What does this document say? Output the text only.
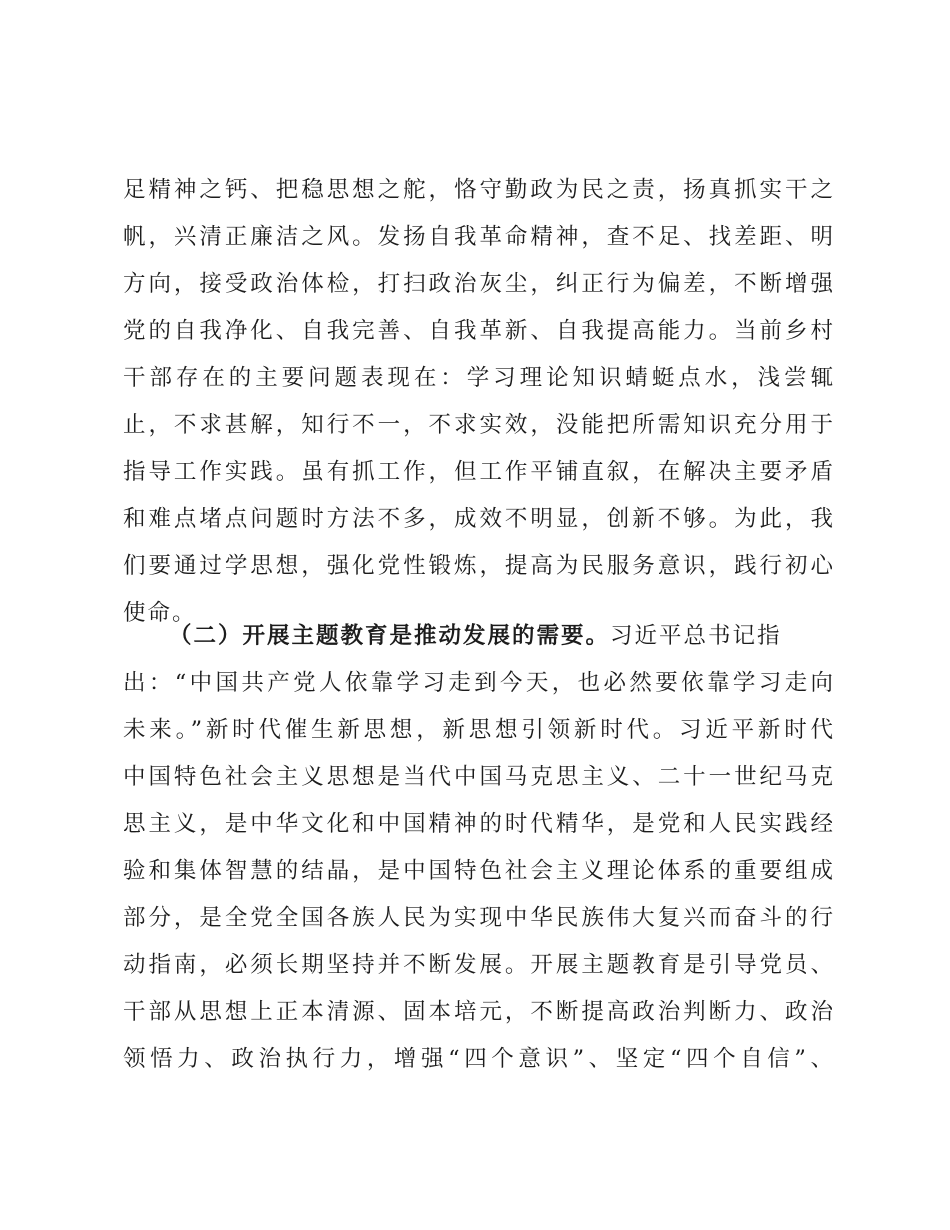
足精神之钙、把稳思想之舵，恪守勤政为民之责，扬真抓实干之
帆，兴清正廉洁之风。发扬自我革命精神，查不足、找差距、明
方向，接受政治体检，打扫政治灰尘，纠正行为偏差，不断增强
党的自我净化、自我完善、自我革新、自我提高能力。当前乡村
干部存在的主要问题表现在：学习理论知识蜻蜓点水，浅尝辄
止，不求甚解，知行不一，不求实效，没能把所需知识充分用于
指导工作实践。虽有抓工作，但工作平铺直叙，在解决主要矛盾
和难点堵点问题时方法不多，成效不明显，创新不够。为此，我
们要通过学思想，强化党性锻炼，提高为民服务意识，践行初心
使命。
（二）开展主题教育是推动发展的需要。习近平总书记指
出：“中国共产党人依靠学习走到今天，也必然要依靠学习走向
未来。”新时代催生新思想，新思想引领新时代。习近平新时代
中国特色社会主义思想是当代中国马克思主义、二十一世纪马克
思主义，是中华文化和中国精神的时代精华，是党和人民实践经
验和集体智慧的结晶，是中国特色社会主义理论体系的重要组成
部分，是全党全国各族人民为实现中华民族伟大复兴而奋斗的行
动指南，必须长期坚持并不断发展。开展主题教育是引导党员、
干部从思想上正本清源、固本培元，不断提高政治判断力、政治
领悟力、政治执行力，增强“四个意识”、坚定“四个自信”、
